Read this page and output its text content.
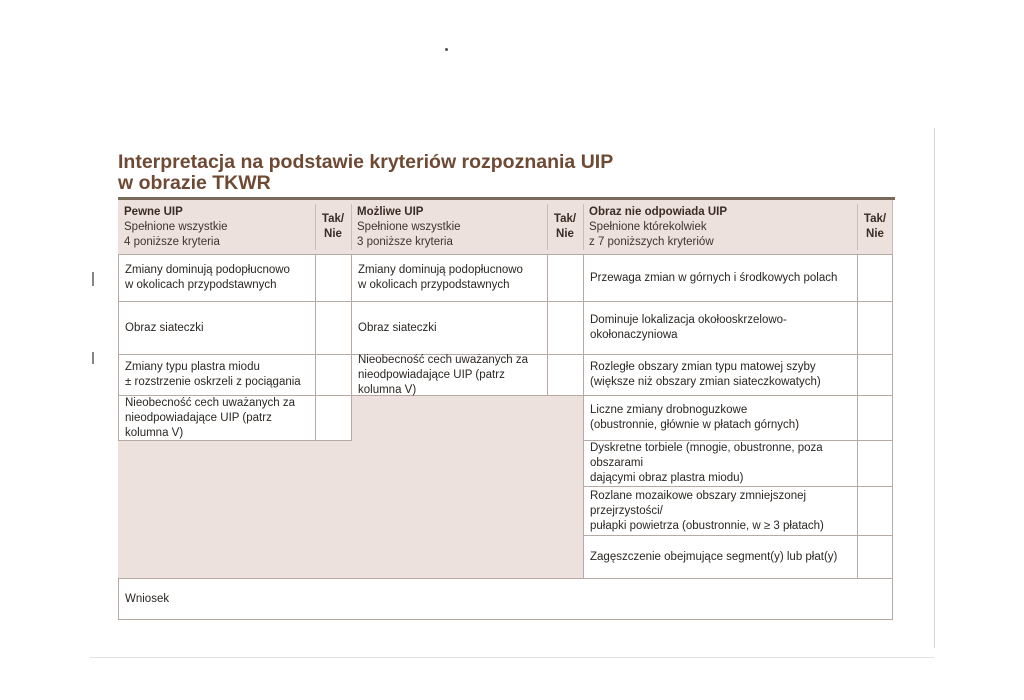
Interpretacja na podstawie kryteriów rozpoznania UIP
w obrazie TKWR
Pewne UIP
Spełnione wszystkie
4 poniższe kryteria
Tak/
Nie
Możliwe UIP
Spełnione wszystkie
3 poniższe kryteria
Tak/
Nie
Obraz nie odpowiada UIP
Spełnione którekolwiek
z 7 poniższych kryteriów
Tak/
Nie
Zmiany dominują podopłucnowo
w okolicach przypodstawnych
Obraz siateczki
Zmiany typu plastra miodu
± rozstrzenie oskrzeli z pociągania
Nieobecność cech uważanych za
nieodpowiadające UIP (patrz kolumna V)
Zmiany dominują podopłucnowo
w okolicach przypodstawnych
Obraz siateczki
Nieobecność cech uważanych za
nieodpowiadające UIP (patrz kolumna V)
Przewaga zmian w górnych i środkowych polach
Dominuje lokalizacja okołooskrzelowo-okołonaczyniowa
Rozległe obszary zmian typu matowej szyby
(większe niż obszary zmian siateczkowatych)
Liczne zmiany drobnoguzkowe
(obustronnie, głównie w płatach górnych)
Dyskretne torbiele (mnogie, obustronne, poza obszarami
dającymi obraz plastra miodu)
Rozlane mozaikowe obszary zmniejszonej przejrzystości/
pułapki powietrza (obustronnie, w ≥ 3 płatach)
Zagęszczenie obejmujące segment(y) lub płat(y)
Wniosek
